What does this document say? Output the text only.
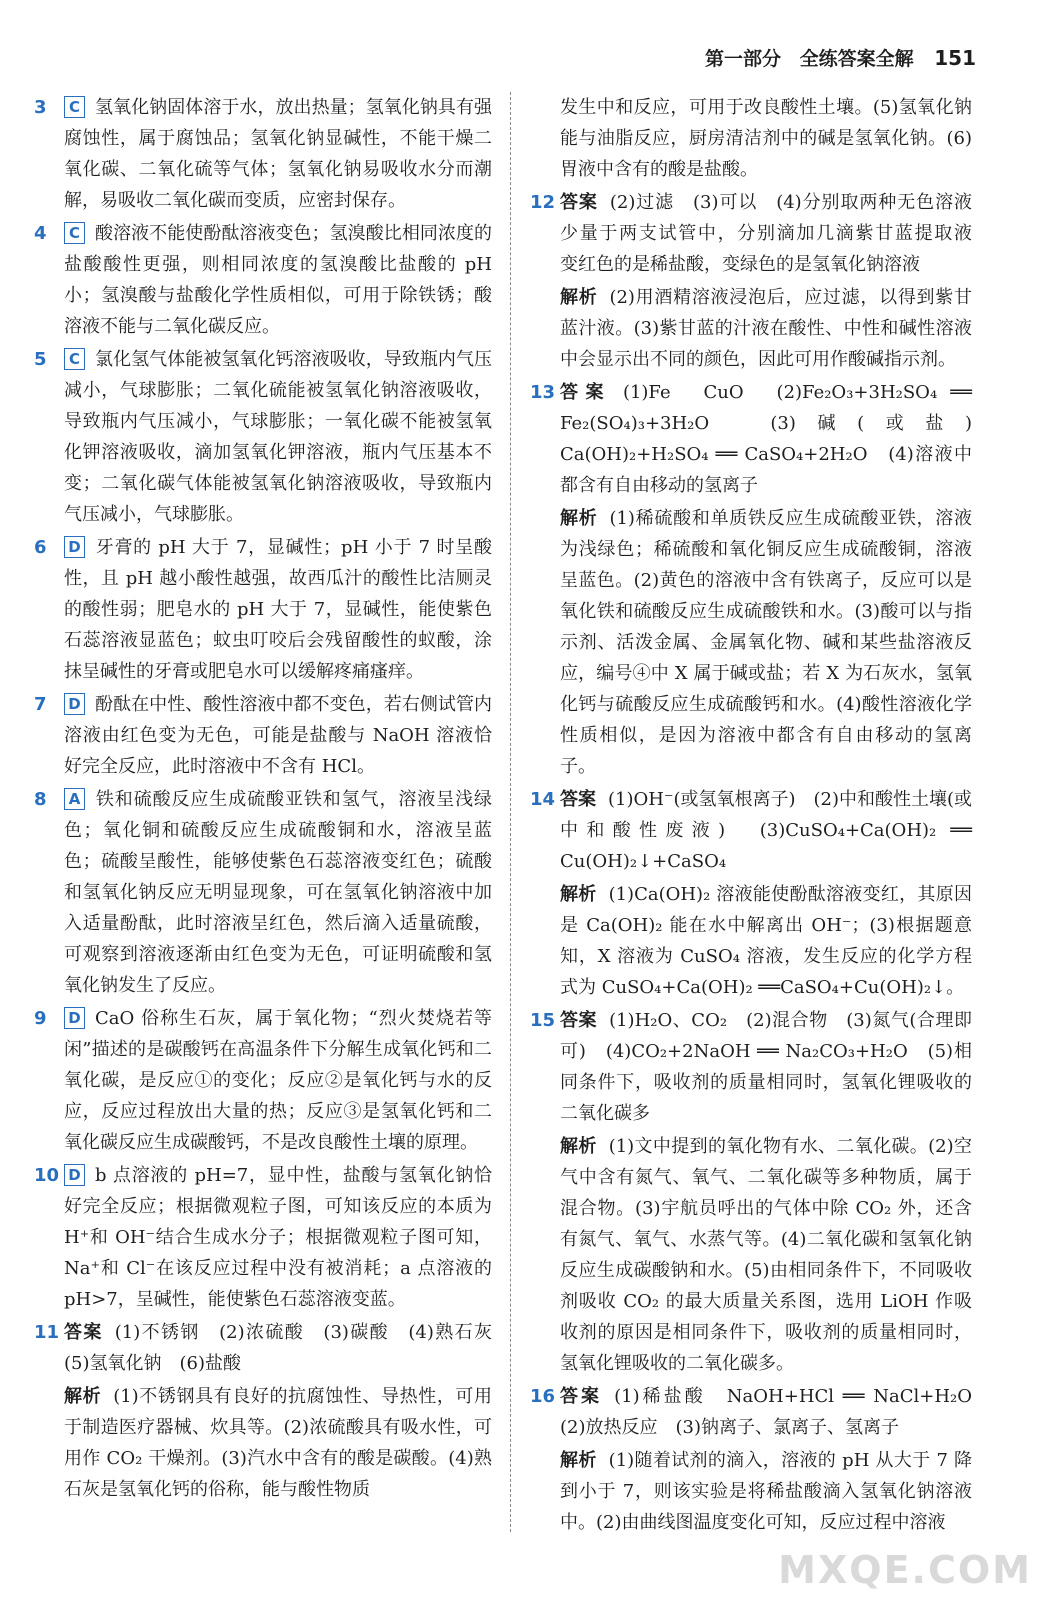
第一部分 全练答案全解 151
3 C 氢氧化钠固体溶于水，放出热量；氢氧化钠具有强腐蚀性，属于腐蚀品；氢氧化钠显碱性，不能干燥二氧化碳、二氧化硫等气体；氢氧化钠易吸收水分而潮解，易吸收二氧化碳而变质，应密封保存。
4 C 酸溶液不能使酚酞溶液变色；氢溴酸比相同浓度的盐酸酸性更强，则相同浓度的氢溴酸比盐酸的 pH 小；氢溴酸与盐酸化学性质相似，可用于除铁锈；酸溶液不能与二氧化碳反应。
5 C 氯化氢气体能被氢氧化钙溶液吸收，导致瓶内气压减小，气球膨胀；二氧化硫能被氢氧化钠溶液吸收，导致瓶内气压减小，气球膨胀；一氧化碳不能被氢氧化钾溶液吸收，滴加氢氧化钾溶液，瓶内气压基本不变；二氧化碳气体能被氢氧化钠溶液吸收，导致瓶内气压减小，气球膨胀。
6 D 牙膏的 pH 大于 7，显碱性；pH 小于 7 时呈酸性，且 pH 越小酸性越强，故西瓜汁的酸性比洁厕灵的酸性弱；肥皂水的 pH 大于 7，显碱性，能使紫色石蕊溶液显蓝色；蚊虫叮咬后会残留酸性的蚁酸，涂抹呈碱性的牙膏或肥皂水可以缓解疼痛瘙痒。
7 D 酚酞在中性、酸性溶液中都不变色，若右侧试管内溶液由红色变为无色，可能是盐酸与 NaOH 溶液恰好完全反应，此时溶液中不含有 HCl。
8 A 铁和硫酸反应生成硫酸亚铁和氢气，溶液呈浅绿色；氧化铜和硫酸反应生成硫酸铜和水，溶液呈蓝色；硫酸呈酸性，能够使紫色石蕊溶液变红色；硫酸和氢氧化钠反应无明显现象，可在氢氧化钠溶液中加入适量酚酞，此时溶液呈红色，然后滴入适量硫酸，可观察到溶液逐渐由红色变为无色，可证明硫酸和氢氧化钠发生了反应。
9 D CaO 俗称生石灰，属于氧化物；“烈火焚烧若等闲”描述的是碳酸钙在高温条件下分解生成氧化钙和二氧化碳，是反应①的变化；反应②是氧化钙与水的反应，反应过程放出大量的热；反应③是氢氧化钙和二氧化碳反应生成碳酸钙，不是改良酸性土壤的原理。
10 D b 点溶液的 pH=7，显中性，盐酸与氢氧化钠恰好完全反应；根据微观粒子图，可知该反应的本质为 H⁺和 OH⁻结合生成水分子；根据微观粒子图可知，Na⁺和 Cl⁻在该反应过程中没有被消耗；a 点溶液的 pH>7，呈碱性，能使紫色石蕊溶液变蓝。
11 答案 (1)不锈钢　(2)浓硫酸　(3)碳酸　(4)熟石灰　(5)氢氧化钠　(6)盐酸
解析 (1)不锈钢具有良好的抗腐蚀性、导热性，可用于制造医疗器械、炊具等。(2)浓硫酸具有吸水性，可用作 CO₂ 干燥剂。(3)汽水中含有的酸是碳酸。(4)熟石灰是氢氧化钙的俗称，能与酸性物质
发生中和反应，可用于改良酸性土壤。(5)氢氧化钠能与油脂反应，厨房清洁剂中的碱是氢氧化钠。(6)胃液中含有的酸是盐酸。
12 答案 (2)过滤　(3)可以　(4)分别取两种无色溶液少量于两支试管中，分别滴加几滴紫甘蓝提取液　变红色的是稀盐酸，变绿色的是氢氧化钠溶液
解析 (2)用酒精溶液浸泡后，应过滤，以得到紫甘蓝汁液。(3)紫甘蓝的汁液在酸性、中性和碱性溶液中会显示出不同的颜色，因此可用作酸碱指示剂。
13 答案 (1)Fe　CuO　(2)Fe₂O₃+3H₂SO₄ ══ Fe₂(SO₄)₃+3H₂O　(3)碱(或盐)　Ca(OH)₂+H₂SO₄ ══ CaSO₄+2H₂O　(4)溶液中都含有自由移动的氢离子
解析 (1)稀硫酸和单质铁反应生成硫酸亚铁，溶液为浅绿色；稀硫酸和氧化铜反应生成硫酸铜，溶液呈蓝色。(2)黄色的溶液中含有铁离子，反应可以是氧化铁和硫酸反应生成硫酸铁和水。(3)酸可以与指示剂、活泼金属、金属氧化物、碱和某些盐溶液反应，编号④中 X 属于碱或盐；若 X 为石灰水，氢氧化钙与硫酸反应生成硫酸钙和水。(4)酸性溶液化学性质相似，是因为溶液中都含有自由移动的氢离子。
14 答案 (1)OH⁻(或氢氧根离子)　(2)中和酸性土壤(或中和酸性废液)　(3)CuSO₄+Ca(OH)₂ ══ Cu(OH)₂↓+CaSO₄
解析 (1)Ca(OH)₂ 溶液能使酚酞溶液变红，其原因是 Ca(OH)₂ 能在水中解离出 OH⁻；(3)根据题意知，X 溶液为 CuSO₄ 溶液，发生反应的化学方程式为 CuSO₄+Ca(OH)₂ ══CaSO₄+Cu(OH)₂↓。
15 答案 (1)H₂O、CO₂　(2)混合物　(3)氮气(合理即可)　(4)CO₂+2NaOH ══ Na₂CO₃+H₂O　(5)相同条件下，吸收剂的质量相同时，氢氧化锂吸收的二氧化碳多
解析 (1)文中提到的氧化物有水、二氧化碳。(2)空气中含有氮气、氧气、二氧化碳等多种物质，属于混合物。(3)宇航员呼出的气体中除 CO₂ 外，还含有氮气、氧气、水蒸气等。(4)二氧化碳和氢氧化钠反应生成碳酸钠和水。(5)由相同条件下，不同吸收剂吸收 CO₂ 的最大质量关系图，选用 LiOH 作吸收剂的原因是相同条件下，吸收剂的质量相同时，氢氧化锂吸收的二氧化碳多。
16 答案 (1)稀盐酸　NaOH+HCl ══ NaCl+H₂O　(2)放热反应　(3)钠离子、氯离子、氢离子
解析 (1)随着试剂的滴入，溶液的 pH 从大于 7 降到小于 7，则该实验是将稀盐酸滴入氢氧化钠溶液中。(2)由曲线图温度变化可知，反应过程中溶液
MXQE.COM
